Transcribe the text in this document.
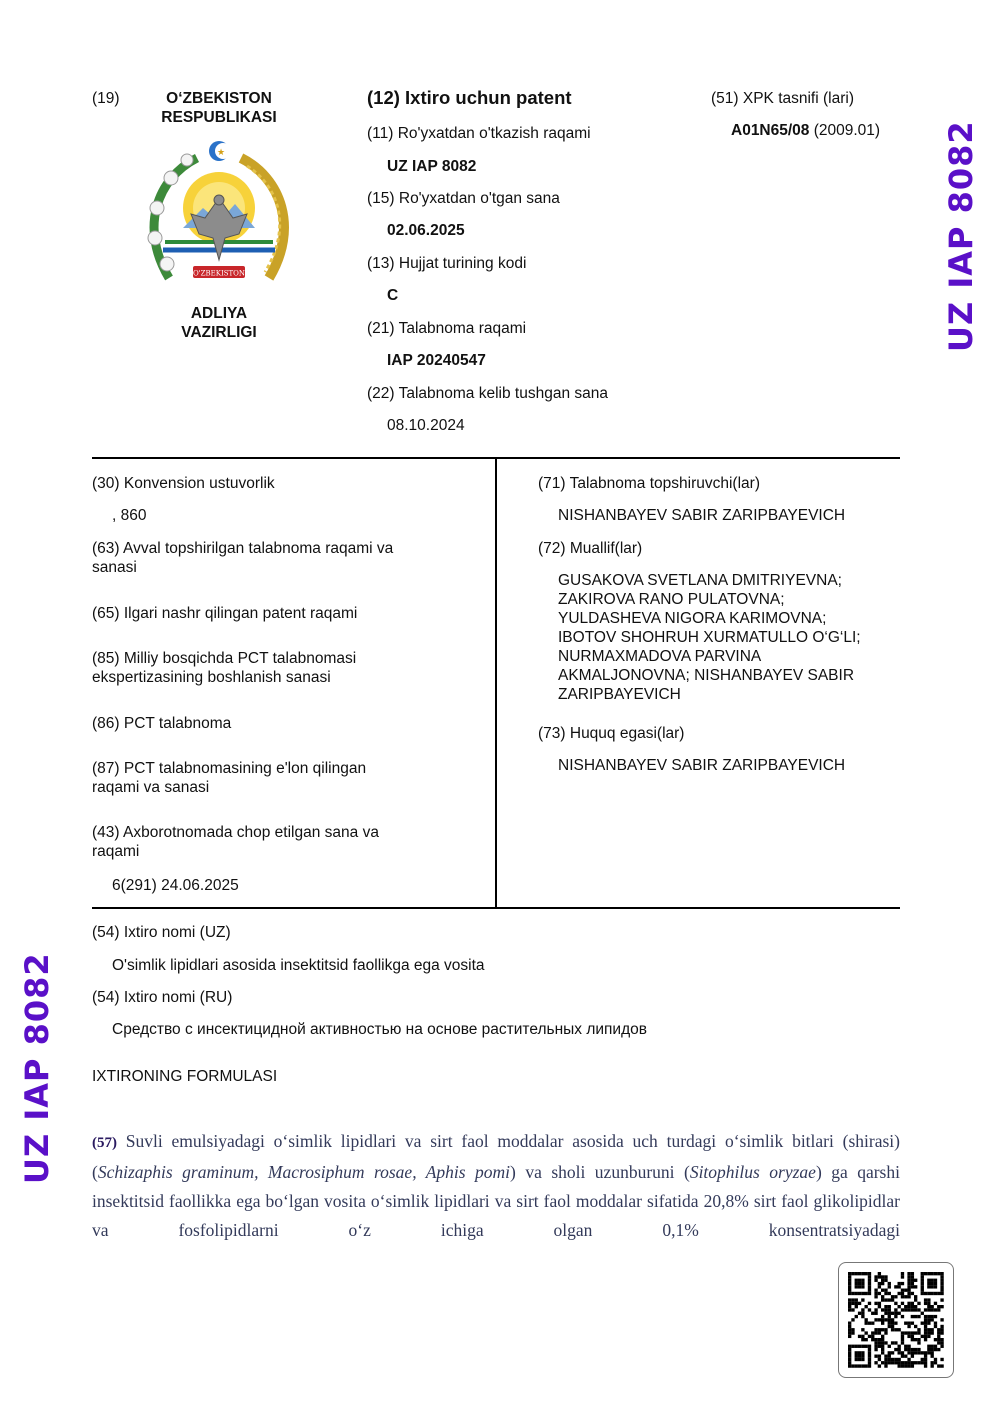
UZ IAP 8082
UZ IAP 8082
(19)	O‘ZBEKISTON
RESPUBLIKASI
★
O'ZBEKISTON
ADLIYA
VAZIRLIGI
(12) Ixtiro uchun patent
(11) Ro'yxatdan o'tkazish raqami
UZ IAP 8082
(15) Ro'yxatdan o'tgan sana
02.06.2025
(13) Hujjat turining kodi
C
(21) Talabnoma raqami
IAP 20240547
(22) Talabnoma kelib tushgan sana
08.10.2024
(51) XPK tasnifi (lari)
A01N65/08 (2009.01)
(30) Konvension ustuvorlik
, 860
(63) Avval topshirilgan talabnoma raqami va
sanasi
(65) Ilgari nashr qilingan patent raqami
(85) Milliy bosqichda PCT talabnomasi
ekspertizasining boshlanish sanasi
(86) PCT talabnoma
(87) PCT talabnomasining e'lon qilingan
raqami va sanasi
(43) Axborotnomada chop etilgan sana va
raqami
6(291) 24.06.2025
(71) Talabnoma topshiruvchi(lar)
NISHANBAYEV SABIR ZARIPBAYEVICH
(72) Muallif(lar)
GUSAKOVA SVETLANA DMITRIYEVNA;
ZAKIROVA RANO PULATOVNA;
YULDASHEVA NIGORA KARIMOVNA;
IBOTOV SHOHRUH XURMATULLO O‘G‘LI;
NURMAXMADOVA PARVINA
AKMALJONOVNA; NISHANBAYEV SABIR
ZARIPBAYEVICH
(73) Huquq egasi(lar)
NISHANBAYEV SABIR ZARIPBAYEVICH
(54) Ixtiro nomi (UZ)
O'simlik lipidlari asosida insektitsid faollikga ega vosita
(54) Ixtiro nomi (RU)
Средство с инсектицидной активностью на основе растительных липидов
IXTIRONING FORMULASI
(57) Suvli emulsiyadagi o‘simlik lipidlari va sirt faol moddalar asosida uch turdagi o‘simlik bitlari (shirasi) (Schizaphis graminum, Macrosiphum rosae, Aphis pomi) va sholi uzunburuni (Sitophilus oryzae) ga qarshi insektitsid faollikka ega bo‘lgan vosita o‘simlik lipidlari va sirt faol moddalar sifatida 20,8% sirt faol glikolipidlar va fosfolipidlarni o‘z ichiga olgan 0,1% konsentratsiyadagi
